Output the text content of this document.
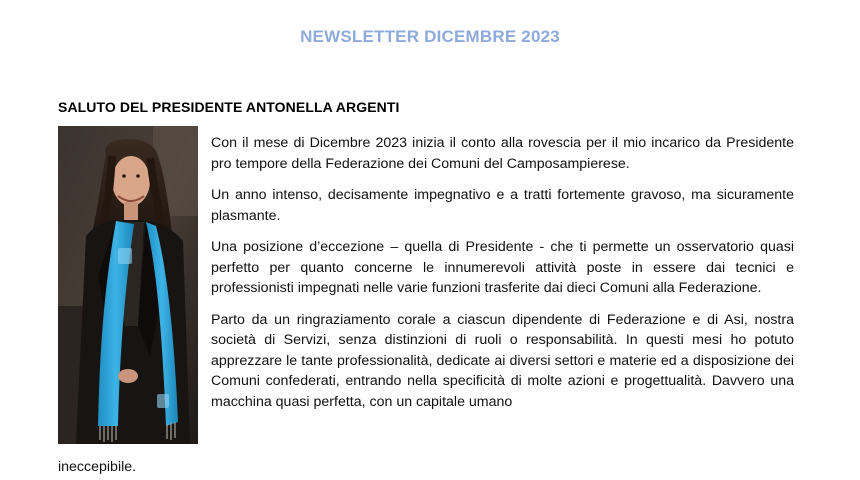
NEWSLETTER DICEMBRE 2023
SALUTO DEL PRESIDENTE ANTONELLA ARGENTI

Con il mese di Dicembre 2023 inizia il conto alla rovescia per il mio incarico da Presidente pro tempore della Federazione dei Comuni del Camposampierese.

Un anno intenso, decisamente impegnativo e a tratti fortemente gravoso, ma sicuramente plasmante.

Una posizione d’eccezione – quella di Presidente - che ti permette un osservatorio quasi perfetto per quanto concerne le innumerevoli attività poste in essere dai tecnici e professionisti impegnati nelle varie funzioni trasferite dai dieci Comuni alla Federazione.

Parto da un ringraziamento corale a ciascun dipendente di Federazione e di Asi, nostra società di Servizi, senza distinzioni di ruoli o responsabilità. In questi mesi ho potuto apprezzare le tante professionalità, dedicate ai diversi settori e materie ed a disposizione dei Comuni confederati, entrando nella specificità di molte azioni e progettualità. Davvero una macchina quasi perfetta, con un capitale umano

ineccepibile.
